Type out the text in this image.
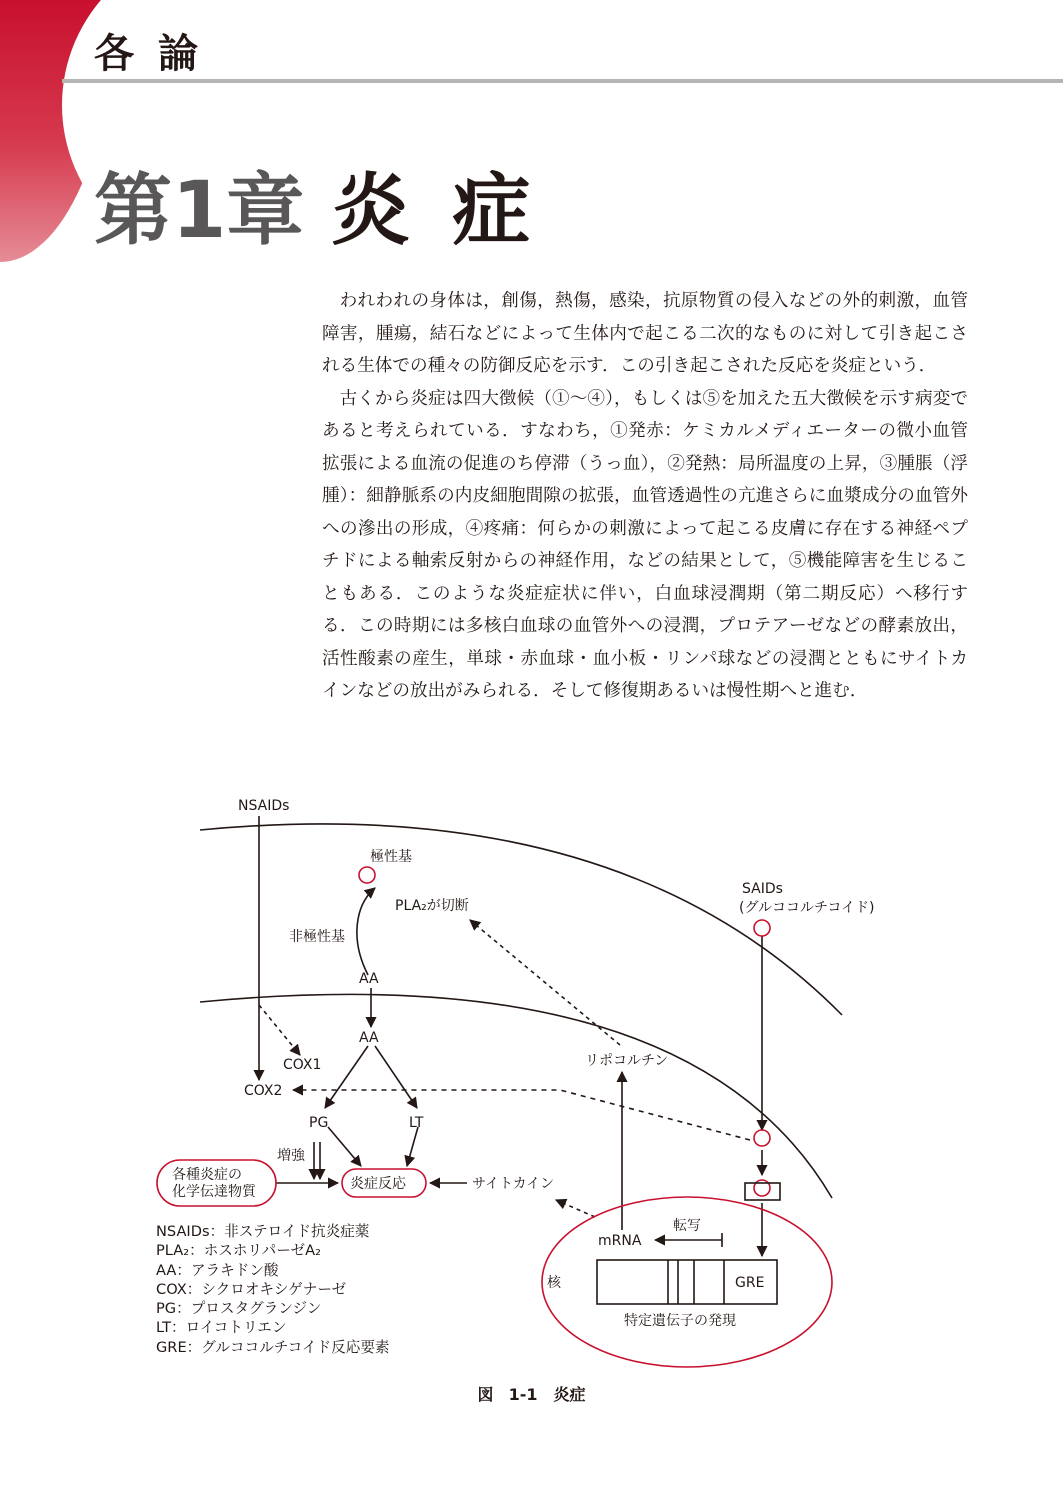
各論
第1章 炎症

われわれの身体は，創傷，熱傷，感染，抗原物質の侵入などの外的刺激，血管障害，腫瘍，結石などによって生体内で起こる二次的なものに対して引き起こされる生体での種々の防御反応を示す．この引き起こされた反応を炎症という．

古くから炎症は四大徴候（①〜④），もしくは⑤を加えた五大徴候を示す病変であると考えられている．すなわち，①発赤：ケミカルメディエーターの微小血管拡張による血流の促進のち停滞（うっ血），②発熱：局所温度の上昇，③腫脹（浮腫）：細静脈系の内皮細胞間隙の拡張，血管透過性の亢進さらに血漿成分の血管外への滲出の形成，④疼痛：何らかの刺激によって起こる皮膚に存在する神経ペプチドによる軸索反射からの神経作用，などの結果として，⑤機能障害を生じることもある．このような炎症症状に伴い，白血球浸潤期（第二期反応）へ移行する．この時期には多核白血球の血管外への浸潤，プロテアーゼなどの酵素放出，活性酸素の産生，単球・赤血球・血小板・リンパ球などの浸潤とともにサイトカインなどの放出がみられる．そして修復期あるいは慢性期へと進む．

NSAIDs
極性基
PLA₂が切断
非極性基
AA
AA
SAIDs
(グルココルチコイド)
COX1
COX2
リポコルチン
PG	LT
増強
各種炎症の
化学伝達物質	炎症反応	サイトカイン
転写
mRNA
核	GRE
特定遺伝子の発現
NSAIDs：非ステロイド抗炎症薬
PLA₂：ホスホリパーゼA₂
AA：アラキドン酸
COX：シクロオキシゲナーゼ
PG：プロスタグランジン
LT：ロイコトリエン
GRE：グルココルチコイド反応要素
図 1-1　炎症
